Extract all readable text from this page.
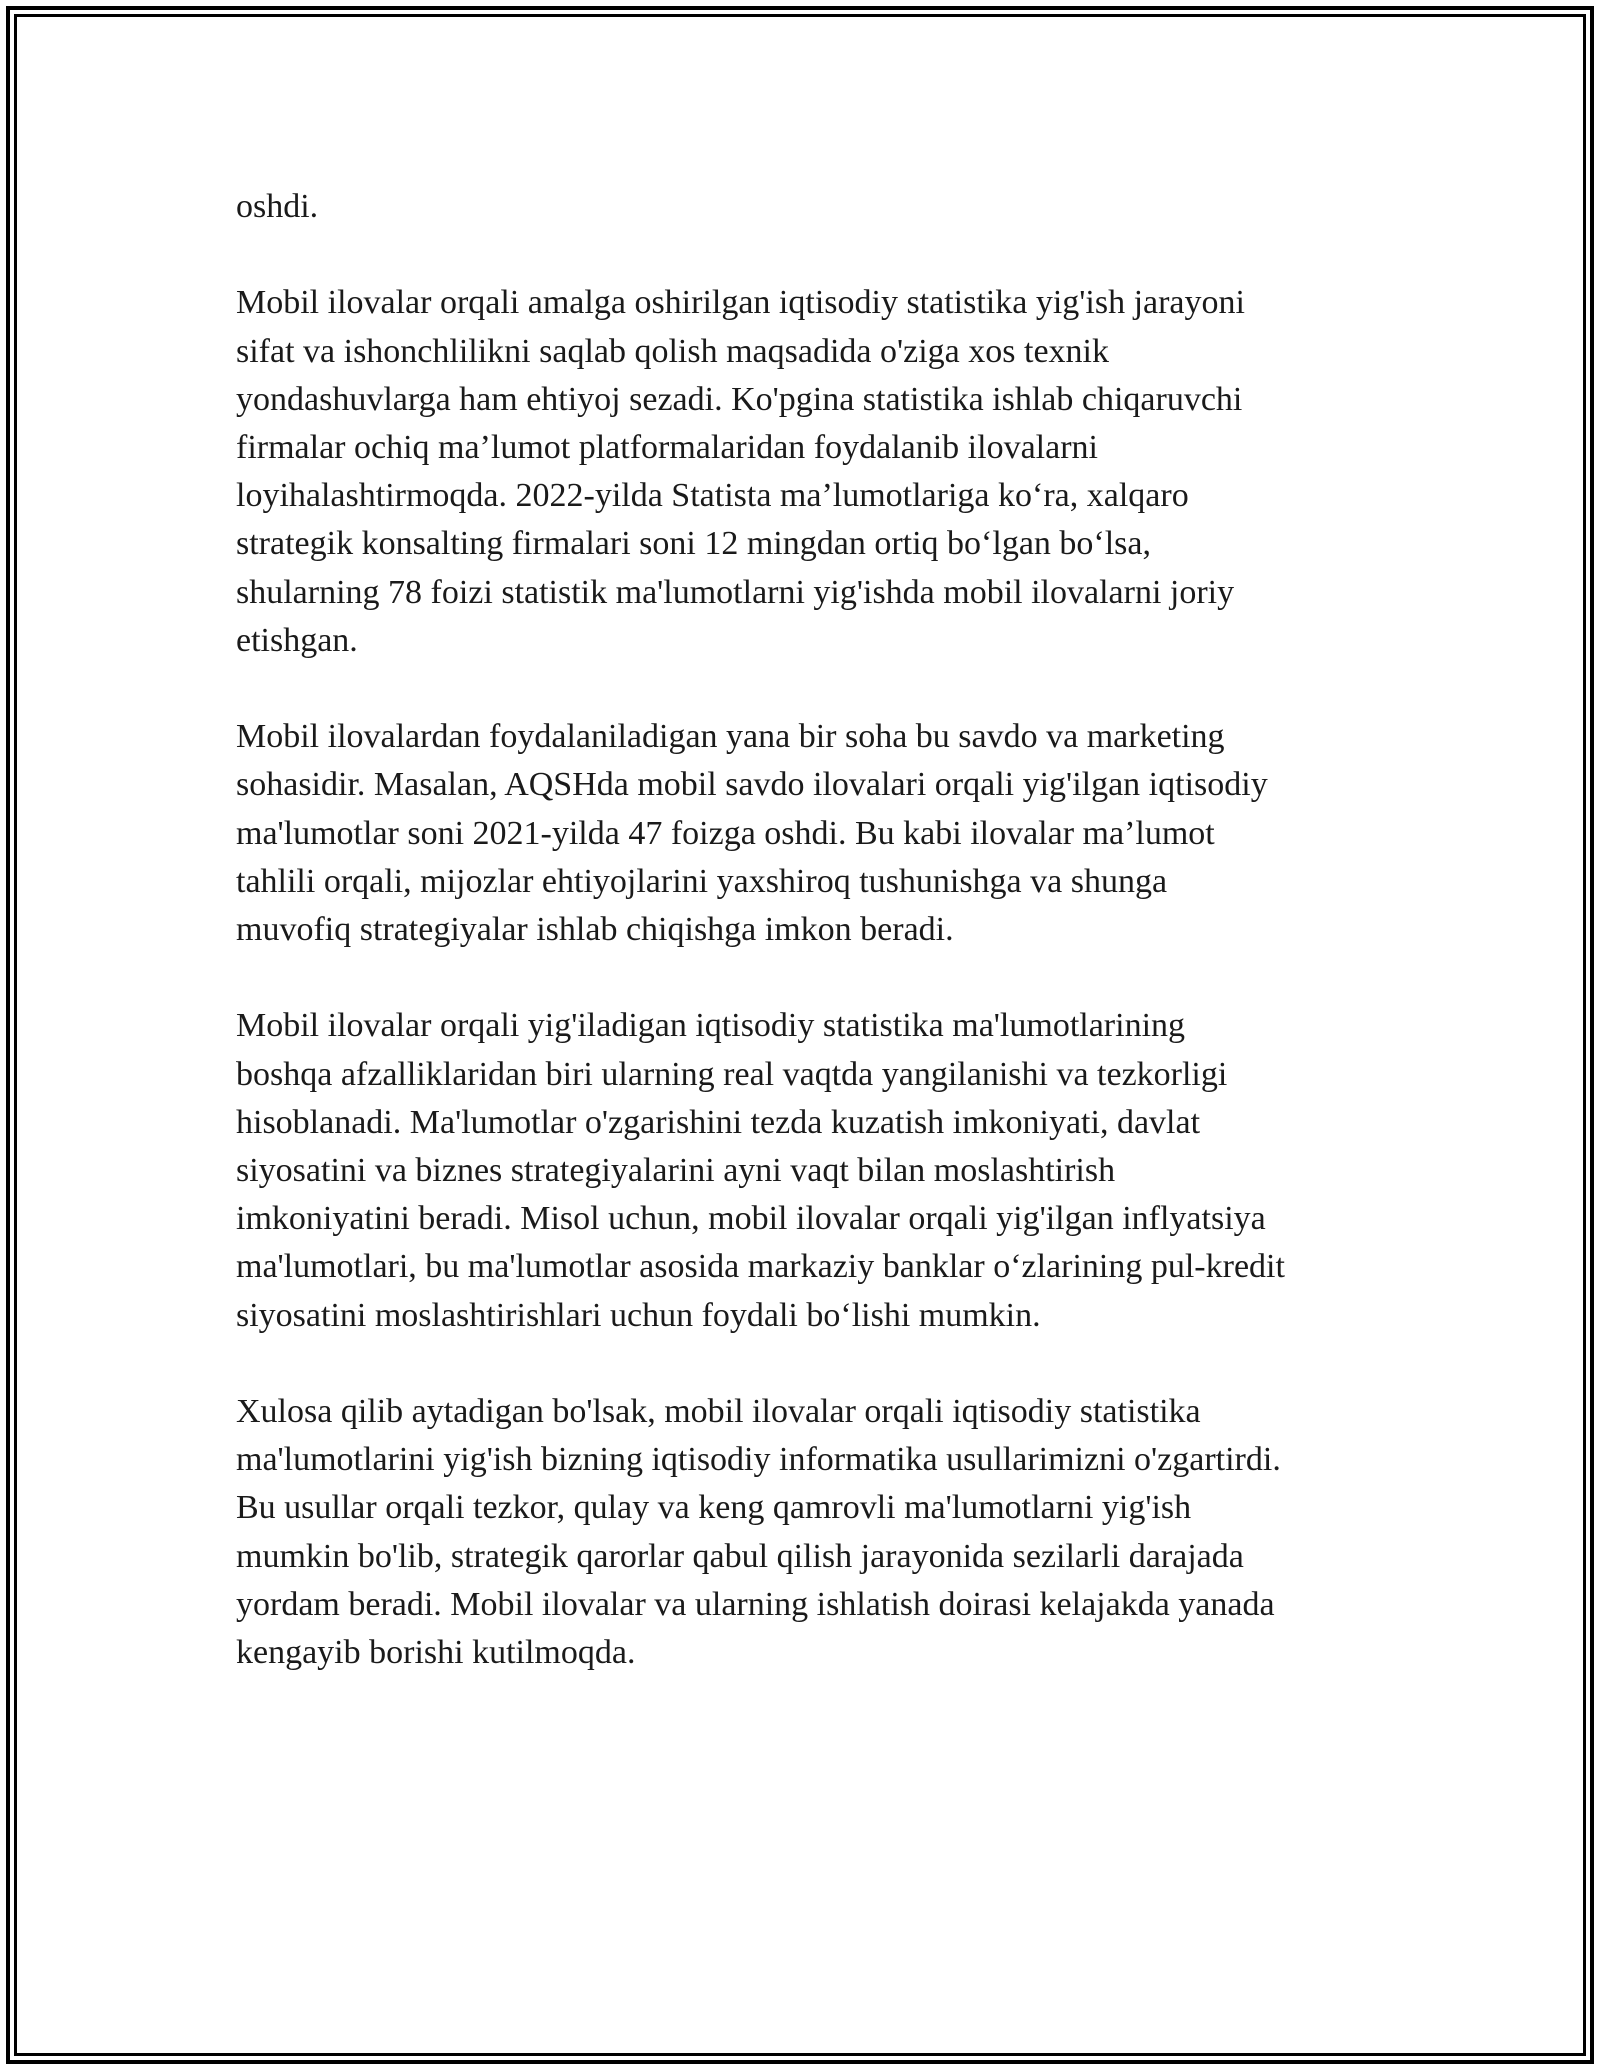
oshdi.
Mobil ilovalar orqali amalga oshirilgan iqtisodiy statistika yig'ish jarayoni
sifat va ishonchlilikni saqlab qolish maqsadida o'ziga xos texnik
yondashuvlarga ham ehtiyoj sezadi. Ko'pgina statistika ishlab chiqaruvchi
firmalar ochiq ma’lumot platformalaridan foydalanib ilovalarni
loyihalashtirmoqda. 2022-yilda Statista ma’lumotlariga koʻra, xalqaro
strategik konsalting firmalari soni 12 mingdan ortiq boʻlgan boʻlsa,
shularning 78 foizi statistik ma'lumotlarni yig'ishda mobil ilovalarni joriy
etishgan.
Mobil ilovalardan foydalaniladigan yana bir soha bu savdo va marketing
sohasidir. Masalan, AQSHda mobil savdo ilovalari orqali yig'ilgan iqtisodiy
ma'lumotlar soni 2021-yilda 47 foizga oshdi. Bu kabi ilovalar ma’lumot
tahlili orqali, mijozlar ehtiyojlarini yaxshiroq tushunishga va shunga
muvofiq strategiyalar ishlab chiqishga imkon beradi.
Mobil ilovalar orqali yig'iladigan iqtisodiy statistika ma'lumotlarining
boshqa afzalliklaridan biri ularning real vaqtda yangilanishi va tezkorligi
hisoblanadi. Ma'lumotlar o'zgarishini tezda kuzatish imkoniyati, davlat
siyosatini va biznes strategiyalarini ayni vaqt bilan moslashtirish
imkoniyatini beradi. Misol uchun, mobil ilovalar orqali yig'ilgan inflyatsiya
ma'lumotlari, bu ma'lumotlar asosida markaziy banklar oʻzlarining pul-kredit
siyosatini moslashtirishlari uchun foydali boʻlishi mumkin.
Xulosa qilib aytadigan bo'lsak, mobil ilovalar orqali iqtisodiy statistika
ma'lumotlarini yig'ish bizning iqtisodiy informatika usullarimizni o'zgartirdi.
Bu usullar orqali tezkor, qulay va keng qamrovli ma'lumotlarni yig'ish
mumkin bo'lib, strategik qarorlar qabul qilish jarayonida sezilarli darajada
yordam beradi. Mobil ilovalar va ularning ishlatish doirasi kelajakda yanada
kengayib borishi kutilmoqda.
